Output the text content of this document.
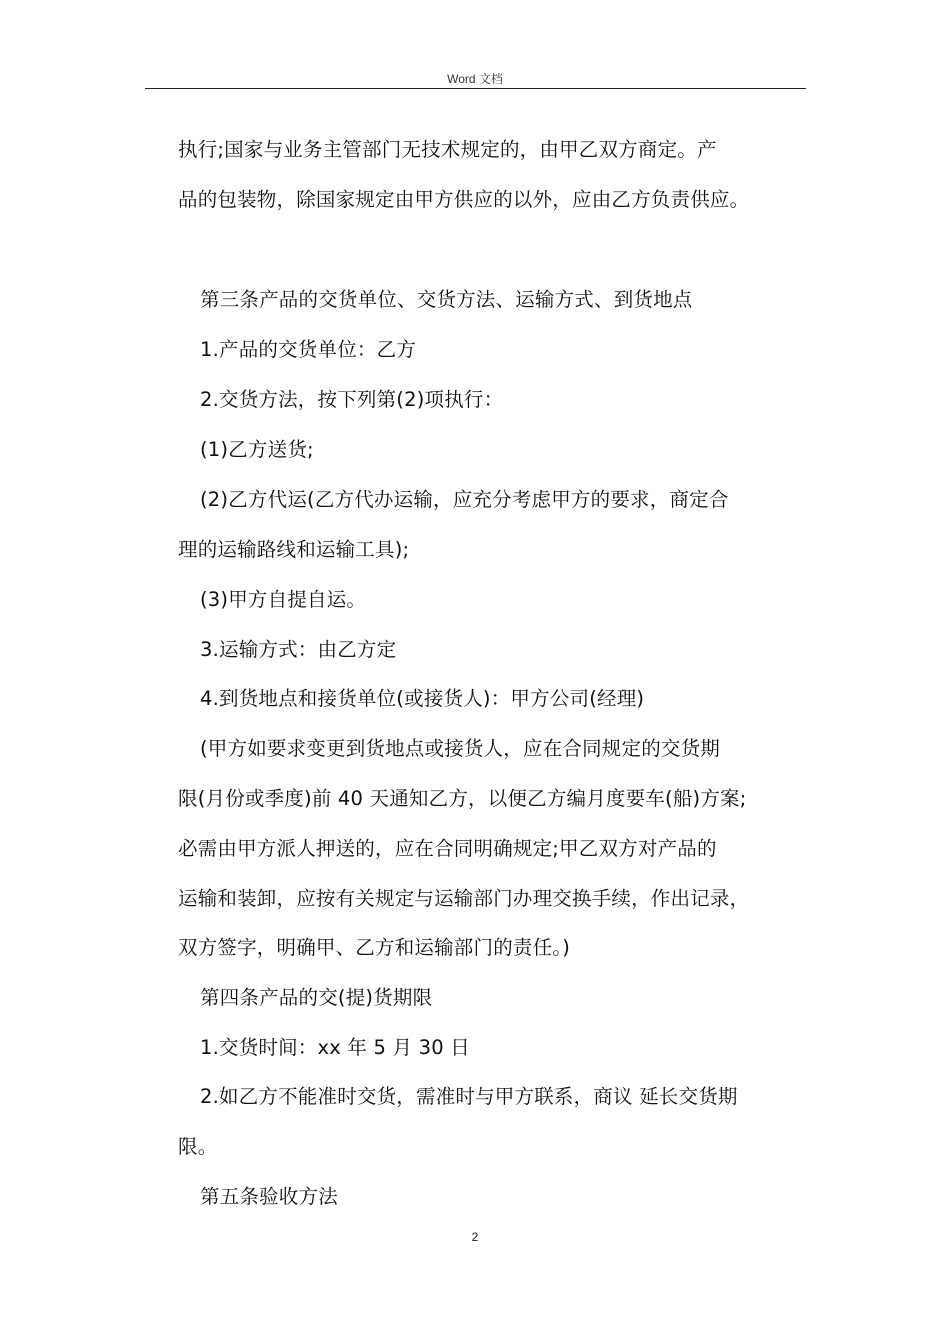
Word 文档
执行;国家与业务主管部门无技术规定的，由甲乙双方商定。产
品的包装物，除国家规定由甲方供应的以外，应由乙方负责供应。
第三条产品的交货单位、交货方法、运输方式、到货地点
1.产品的交货单位：乙方
2.交货方法，按下列第(2)项执行：
(1)乙方送货;
(2)乙方代运(乙方代办运输，应充分考虑甲方的要求，商定合
理的运输路线和运输工具);
(3)甲方自提自运。
3.运输方式：由乙方定
4.到货地点和接货单位(或接货人)：甲方公司(经理)
(甲方如要求变更到货地点或接货人，应在合同规定的交货期
限(月份或季度)前 40 天通知乙方，以便乙方编月度要车(船)方案;
必需由甲方派人押送的，应在合同明确规定;甲乙双方对产品的
运输和装卸，应按有关规定与运输部门办理交换手续，作出记录，
双方签字，明确甲、乙方和运输部门的责任。)
第四条产品的交(提)货期限
1.交货时间：xx 年 5 月 30 日
2.如乙方不能准时交货，需准时与甲方联系，商议 延长交货期
限。
第五条验收方法
2
